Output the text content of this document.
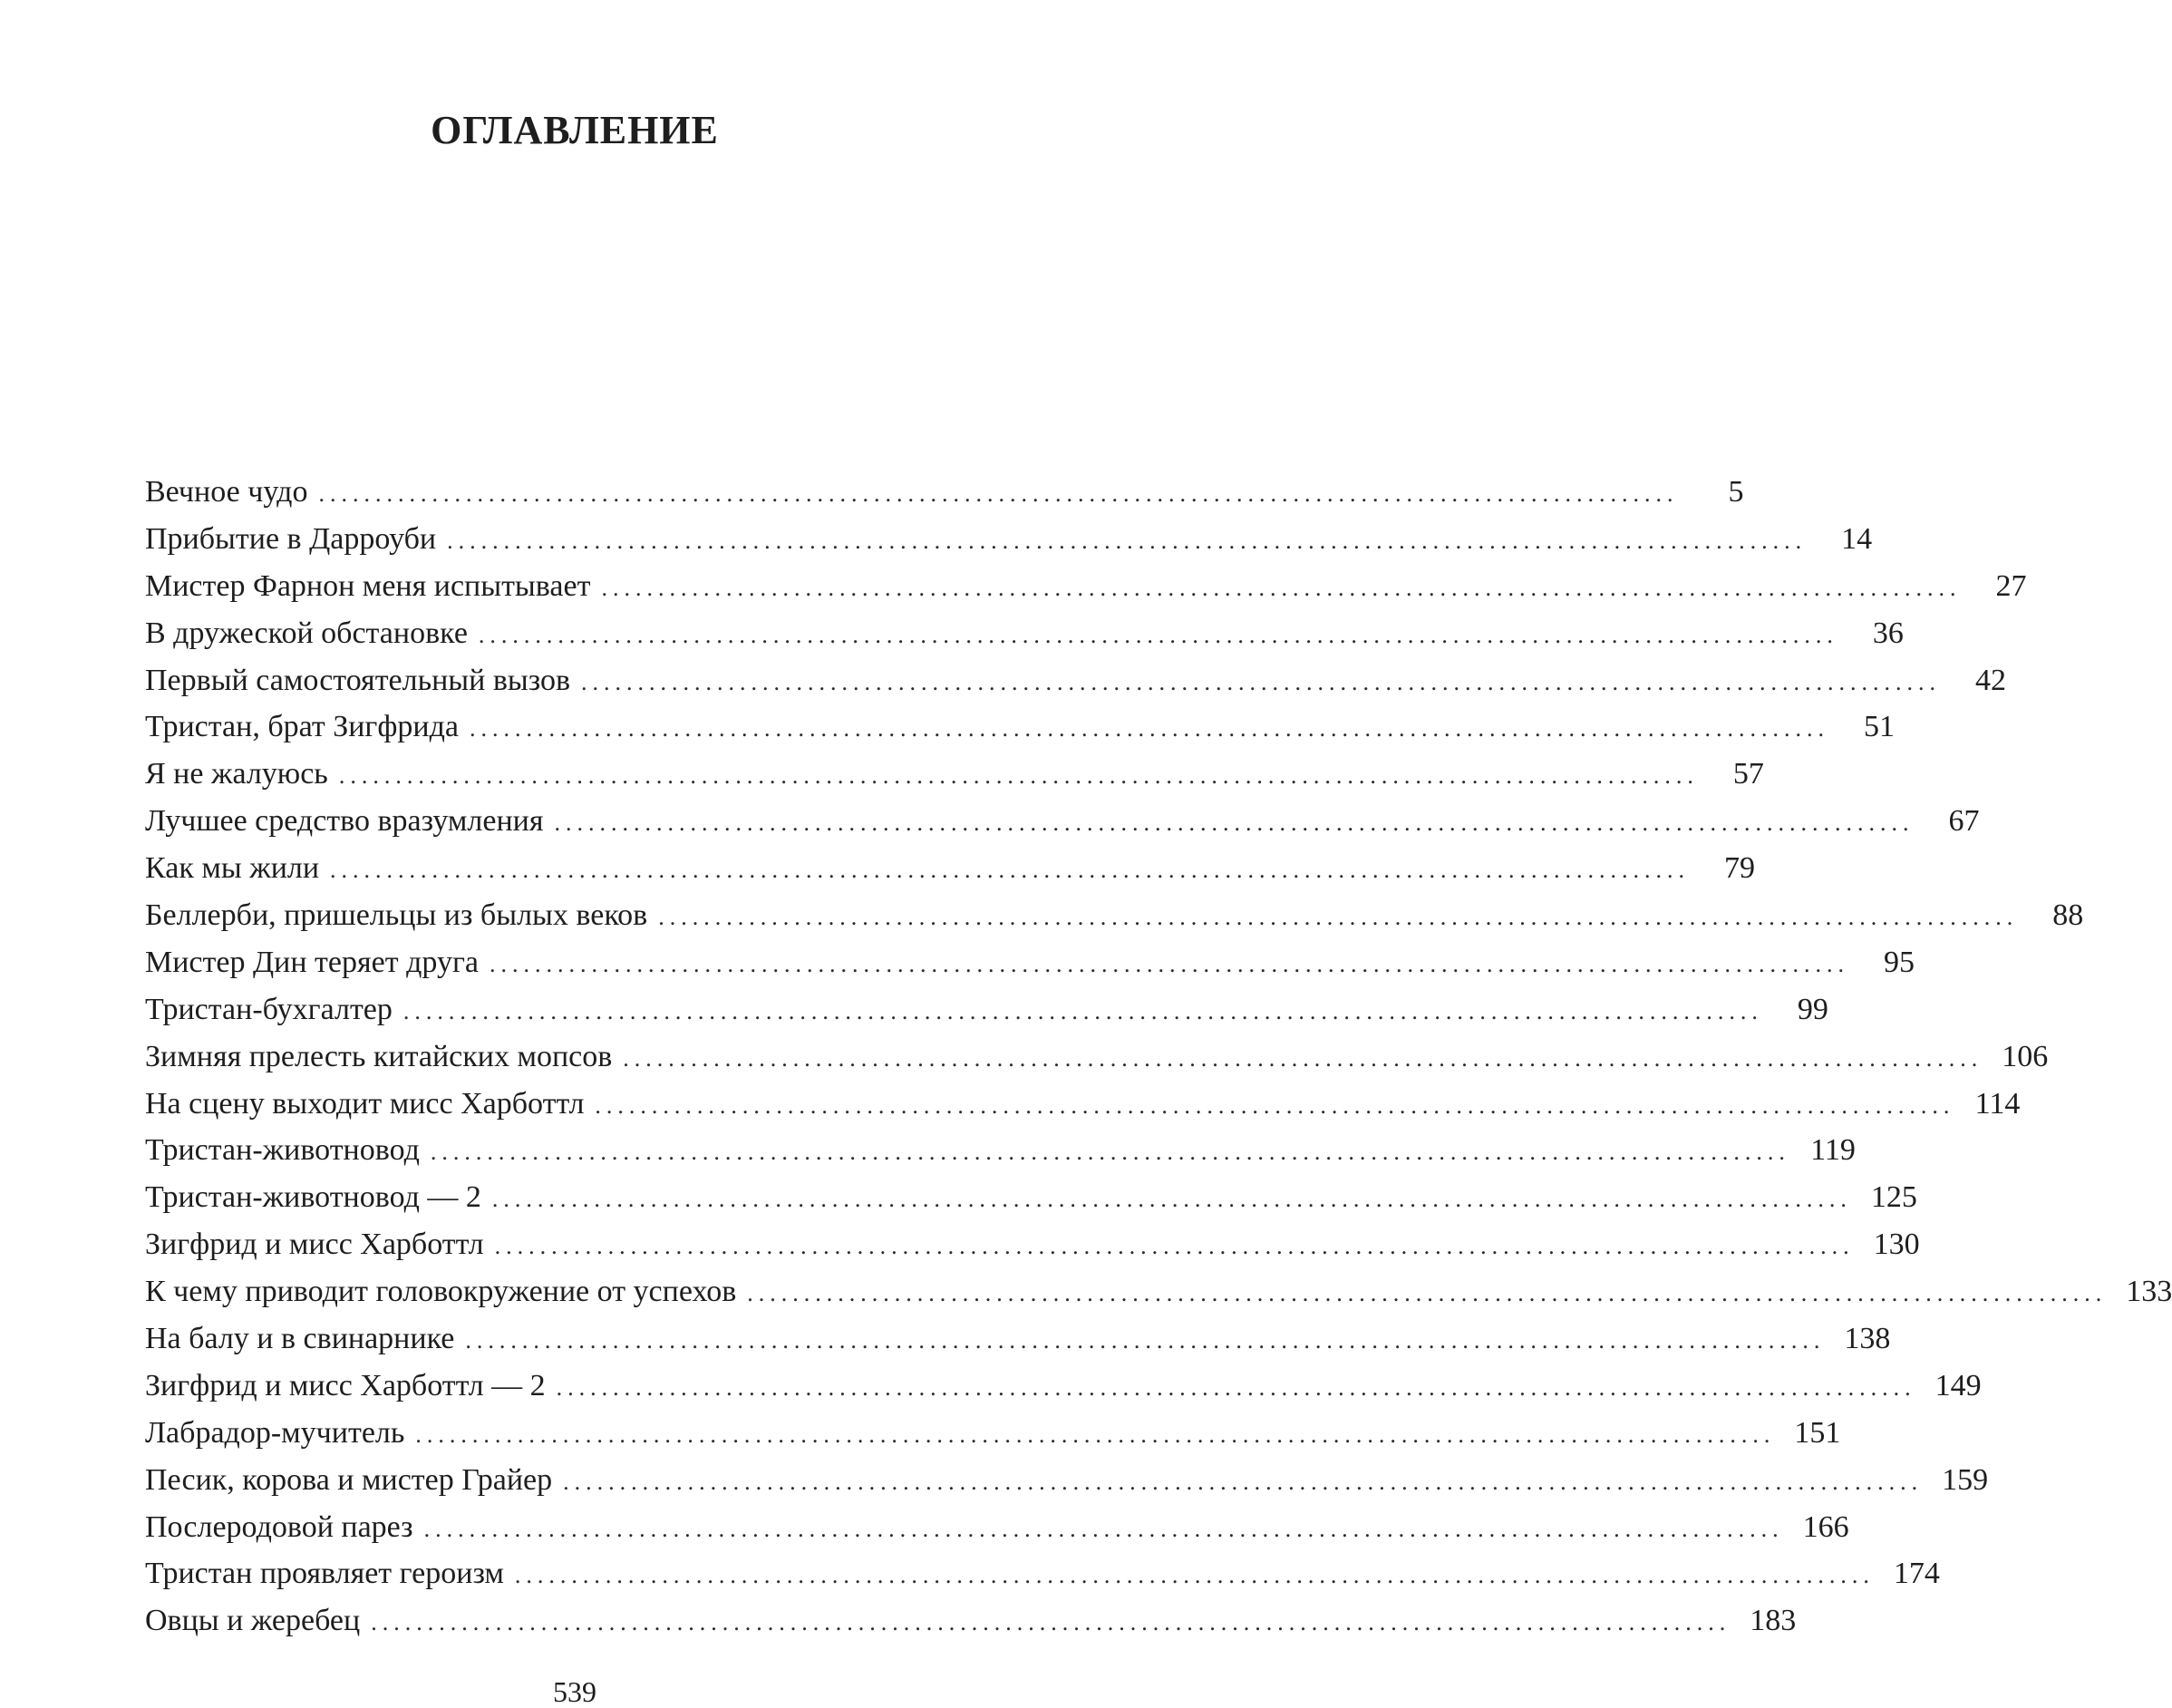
ОГЛАВЛЕНИЕ
Вечное чудо ........................................................................................................................	5
Прибытие в Дарроуби ........................................................................................................................	14
Мистер Фарнон меня испытывает ........................................................................................................................	27
В дружеской обстановке ........................................................................................................................	36
Первый самостоятельный вызов ........................................................................................................................	42
Тристан, брат Зигфрида ........................................................................................................................	51
Я не жалуюсь ........................................................................................................................	57
Лучшее средство вразумления ........................................................................................................................	67
Как мы жили ........................................................................................................................	79
Беллерби, пришельцы из былых веков ........................................................................................................................	88
Мистер Дин теряет друга ........................................................................................................................	95
Тристан-бухгалтер ........................................................................................................................	99
Зимняя прелесть китайских мопсов ........................................................................................................................ 106
На сцену выходит мисс Харботтл ........................................................................................................................ 114
Тристан-животновод ........................................................................................................................ 119
Тристан-животновод — 2 ........................................................................................................................ 125
Зигфрид и мисс Харботтл ........................................................................................................................ 130
К чему приводит головокружение от успехов ........................................................................................................................ 133
На балу и в свинарнике ........................................................................................................................ 138
Зигфрид и мисс Харботтл — 2 ........................................................................................................................ 149
Лабрадор-мучитель ........................................................................................................................ 151
Песик, корова и мистер Грайер ........................................................................................................................ 159
Послеродовой парез ........................................................................................................................ 166
Тристан проявляет героизм ........................................................................................................................ 174
Овцы и жеребец ........................................................................................................................ 183
539
